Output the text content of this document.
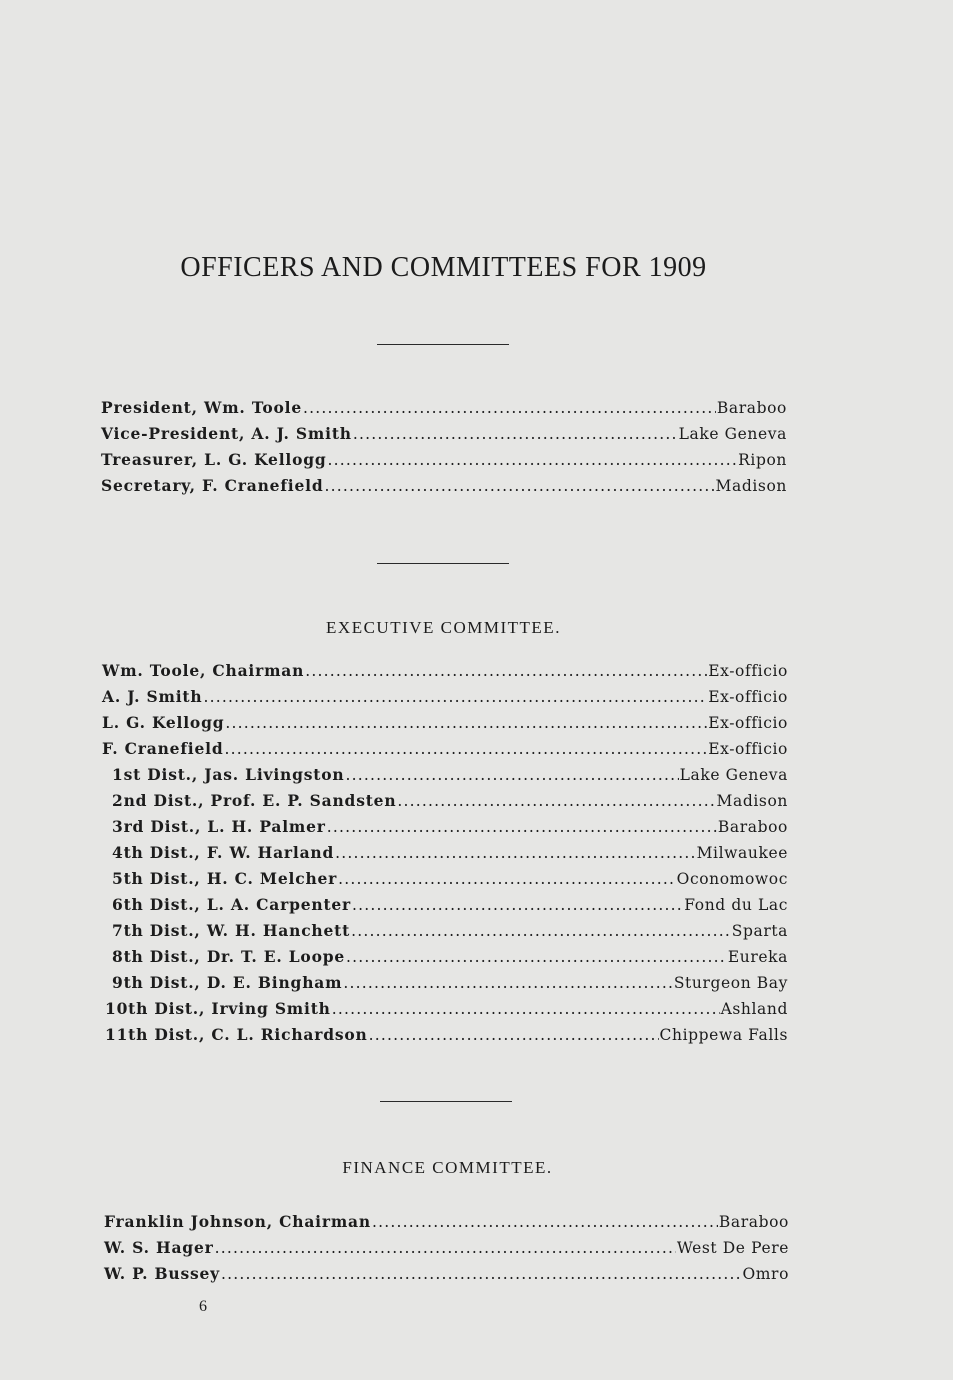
OFFICERS AND COMMITTEES FOR 1909
President, Wm. Toole .....	Baraboo
Vice-President, A. J. Smith .....	Lake Geneva
Treasurer, L. G. Kellogg .....	Ripon
Secretary, F. Cranefield .....	Madison
EXECUTIVE COMMITTEE.
Wm. Toole, Chairman .....	Ex-officio
A. J. Smith .....	Ex-officio
L. G. Kellogg .....	Ex-officio
F. Cranefield .....	Ex-officio
1st Dist., Jas. Livingston .....	Lake Geneva
2nd Dist., Prof. E. P. Sandsten .....	Madison
3rd Dist., L. H. Palmer .....	Baraboo
4th Dist., F. W. Harland .....	Milwaukee
5th Dist., H. C. Melcher .....	Oconomowoc
6th Dist., L. A. Carpenter .....	Fond du Lac
7th Dist., W. H. Hanchett .....	Sparta
8th Dist., Dr. T. E. Loope .....	Eureka
9th Dist., D. E. Bingham .....	Sturgeon Bay
10th Dist., Irving Smith .....	Ashland
11th Dist., C. L. Richardson .....	Chippewa Falls
FINANCE COMMITTEE.
Franklin Johnson, Chairman .....	Baraboo
W. S. Hager .....	West De Pere
W. P. Bussey .....	Omro
6
